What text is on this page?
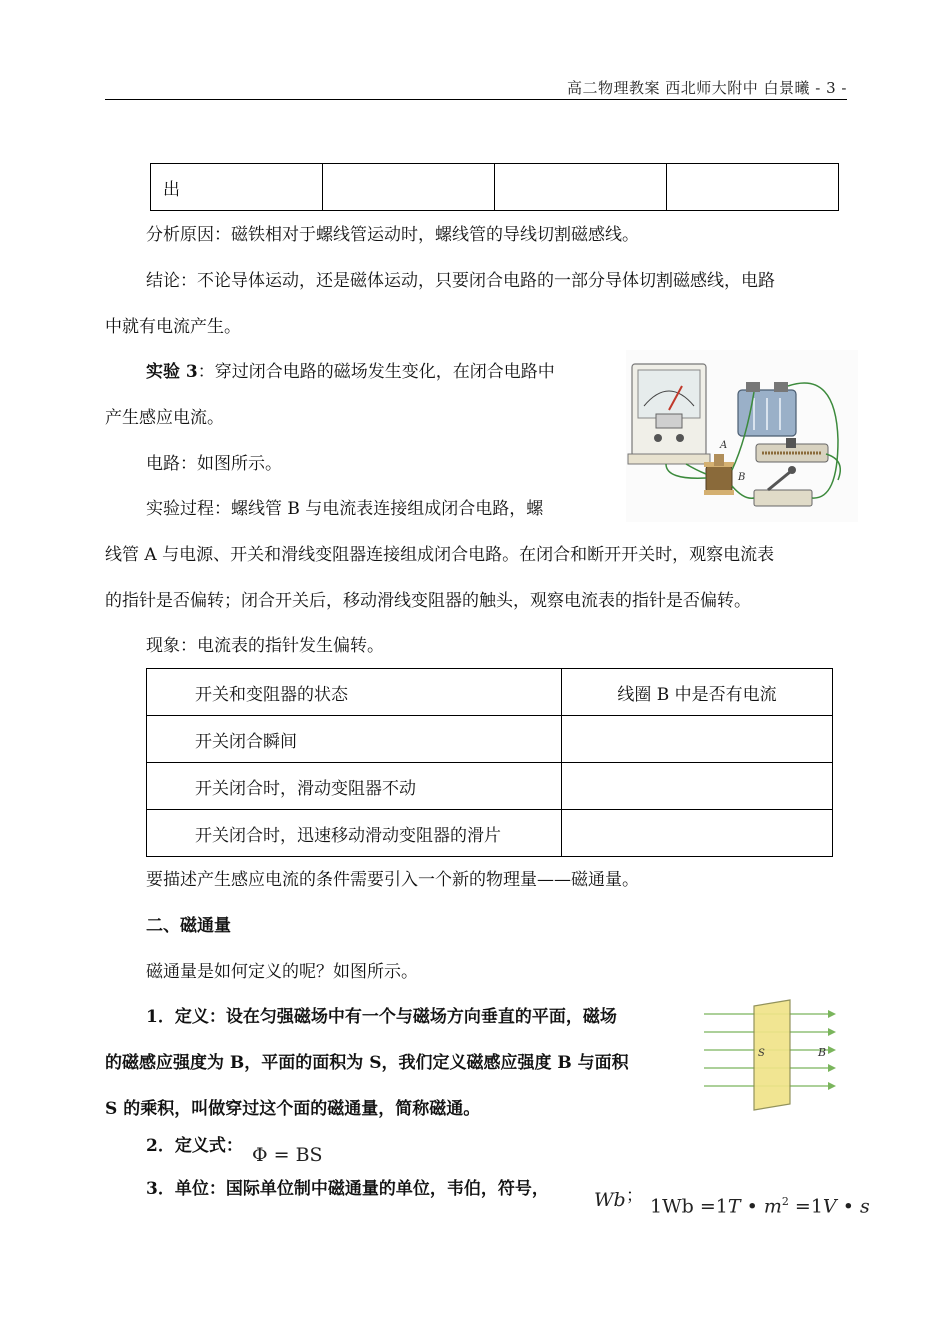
高二物理教案 西北师大附中 白景曦 - 3 -
出			
分析原因：磁铁相对于螺线管运动时，螺线管的导线切割磁感线。
结论：不论导体运动，还是磁体运动，只要闭合电路的一部分导体切割磁感线，电路
中就有电流产生。
实验 3：穿过闭合电路的磁场发生变化，在闭合电路中
产生感应电流。
电路：如图所示。
实验过程：螺线管 B 与电流表连接组成闭合电路，螺
线管 A 与电源、开关和滑线变阻器连接组成闭合电路。在闭合和断开开关时，观察电流表
的指针是否偏转；闭合开关后，移动滑线变阻器的触头，观察电流表的指针是否偏转。
现象：电流表的指针发生偏转。
A
B
开关和变阻器的状态	线圈 B 中是否有电流
开关闭合瞬间	
开关闭合时，滑动变阻器不动	
开关闭合时，迅速移动滑动变阻器的滑片	
要描述产生感应电流的条件需要引入一个新的物理量——磁通量。
二、磁通量
磁通量是如何定义的呢？如图所示。
1．定义：设在匀强磁场中有一个与磁场方向垂直的平面，磁场
的磁感应强度为 B，平面的面积为 S，我们定义磁感应强度 B 与面积
S 的乘积，叫做穿过这个面的磁通量，简称磁通。
2．定义式： Φ = BS
3．单位：国际单位制中磁通量的单位，韦伯，符号， Wb ； 1Wb =1T • $m^2 =1V$ • s
S	B
